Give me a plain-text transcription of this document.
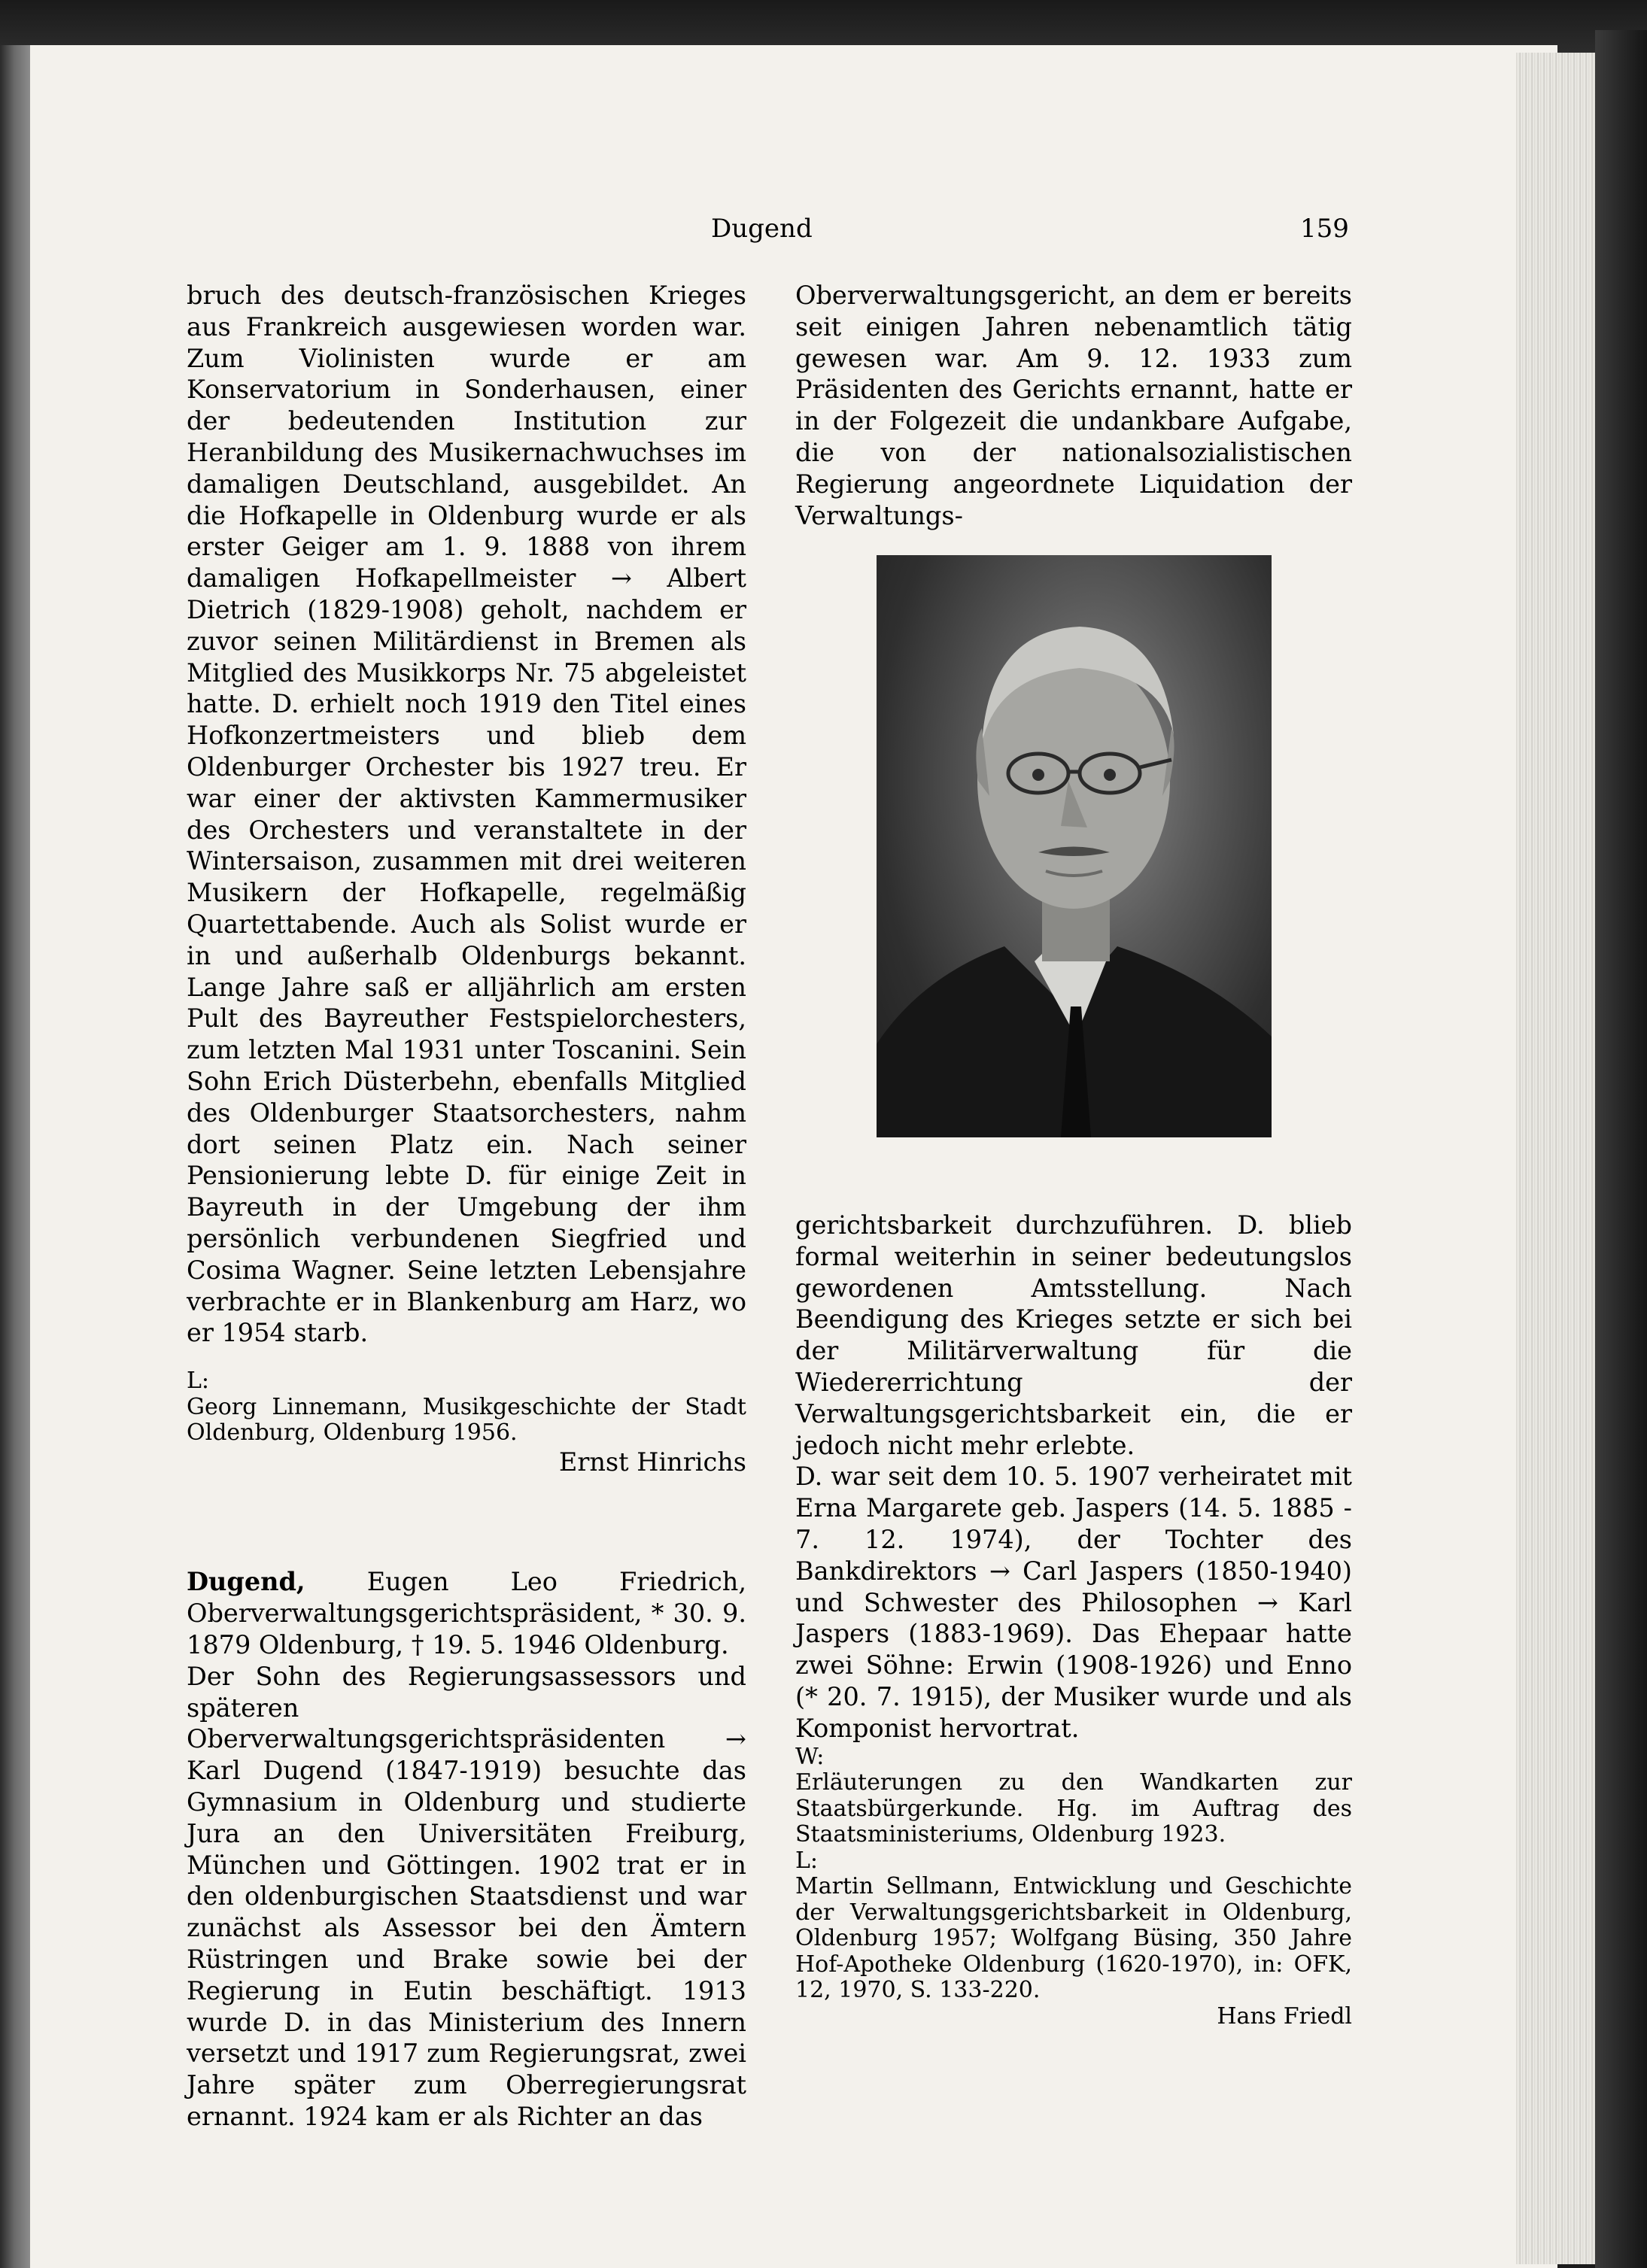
Dugend	159

bruch des deutsch-französischen Krieges aus Frankreich ausgewiesen worden war. Zum Violinisten wurde er am Konservatorium in Sonderhausen, einer der bedeutenden Institution zur Heranbildung des Musikernachwuchses im damaligen Deutschland, ausgebildet. An die Hofkapelle in Oldenburg wurde er als erster Geiger am 1. 9. 1888 von ihrem damaligen Hofkapellmeister → Albert Dietrich (1829-1908) geholt, nachdem er zuvor seinen Militärdienst in Bremen als Mitglied des Musikkorps Nr. 75 abgeleistet hatte. D. erhielt noch 1919 den Titel eines Hofkonzertmeisters und blieb dem Oldenburger Orchester bis 1927 treu. Er war einer der aktivsten Kammermusiker des Orchesters und veranstaltete in der Wintersaison, zusammen mit drei weiteren Musikern der Hofkapelle, regelmäßig Quartettabende. Auch als Solist wurde er in und außerhalb Oldenburgs bekannt. Lange Jahre saß er alljährlich am ersten Pult des Bayreuther Festspielorchesters, zum letzten Mal 1931 unter Toscanini. Sein Sohn Erich Düsterbehn, ebenfalls Mitglied des Oldenburger Staatsorchesters, nahm dort seinen Platz ein. Nach seiner Pensionierung lebte D. für einige Zeit in Bayreuth in der Umgebung der ihm persönlich verbundenen Siegfried und Cosima Wagner. Seine letzten Lebensjahre verbrachte er in Blankenburg am Harz, wo er 1954 starb.

L:

Georg Linnemann, Musikgeschichte der Stadt Oldenburg, Oldenburg 1956.

Ernst Hinrichs

Dugend, Eugen Leo Friedrich, Oberverwaltungsgerichtspräsident, * 30. 9. 1879 Oldenburg, † 19. 5. 1946 Oldenburg.

Der Sohn des Regierungsassessors und späteren Oberverwaltungsgerichtspräsidenten → Karl Dugend (1847-1919) besuchte das Gymnasium in Oldenburg und studierte Jura an den Universitäten Freiburg, München und Göttingen. 1902 trat er in den oldenburgischen Staatsdienst und war zunächst als Assessor bei den Ämtern Rüstringen und Brake sowie bei der Regierung in Eutin beschäftigt. 1913 wurde D. in das Ministerium des Innern versetzt und 1917 zum Regierungsrat, zwei Jahre später zum Oberregierungsrat ernannt. 1924 kam er als Richter an das

Oberverwaltungsgericht, an dem er bereits seit einigen Jahren nebenamtlich tätig gewesen war. Am 9. 12. 1933 zum Präsidenten des Gerichts ernannt, hatte er in der Folgezeit die undankbare Aufgabe, die von der nationalsozialistischen Regierung angeordnete Liquidation der Verwaltungs-

gerichtsbarkeit durchzuführen. D. blieb formal weiterhin in seiner bedeutungslos gewordenen Amtsstellung. Nach Beendigung des Krieges setzte er sich bei der Militärverwaltung für die Wiedererrichtung der Verwaltungsgerichtsbarkeit ein, die er jedoch nicht mehr erlebte.

D. war seit dem 10. 5. 1907 verheiratet mit Erna Margarete geb. Jaspers (14. 5. 1885 - 7. 12. 1974), der Tochter des Bankdirektors → Carl Jaspers (1850-1940) und Schwester des Philosophen → Karl Jaspers (1883-1969). Das Ehepaar hatte zwei Söhne: Erwin (1908-1926) und Enno (* 20. 7. 1915), der Musiker wurde und als Komponist hervortrat.

W:

Erläuterungen zu den Wandkarten zur Staatsbürgerkunde. Hg. im Auftrag des Staatsministeriums, Oldenburg 1923.

L:

Martin Sellmann, Entwicklung und Geschichte der Verwaltungsgerichtsbarkeit in Oldenburg, Oldenburg 1957; Wolfgang Büsing, 350 Jahre Hof-Apotheke Oldenburg (1620-1970), in: OFK, 12, 1970, S. 133-220.

Hans Friedl
